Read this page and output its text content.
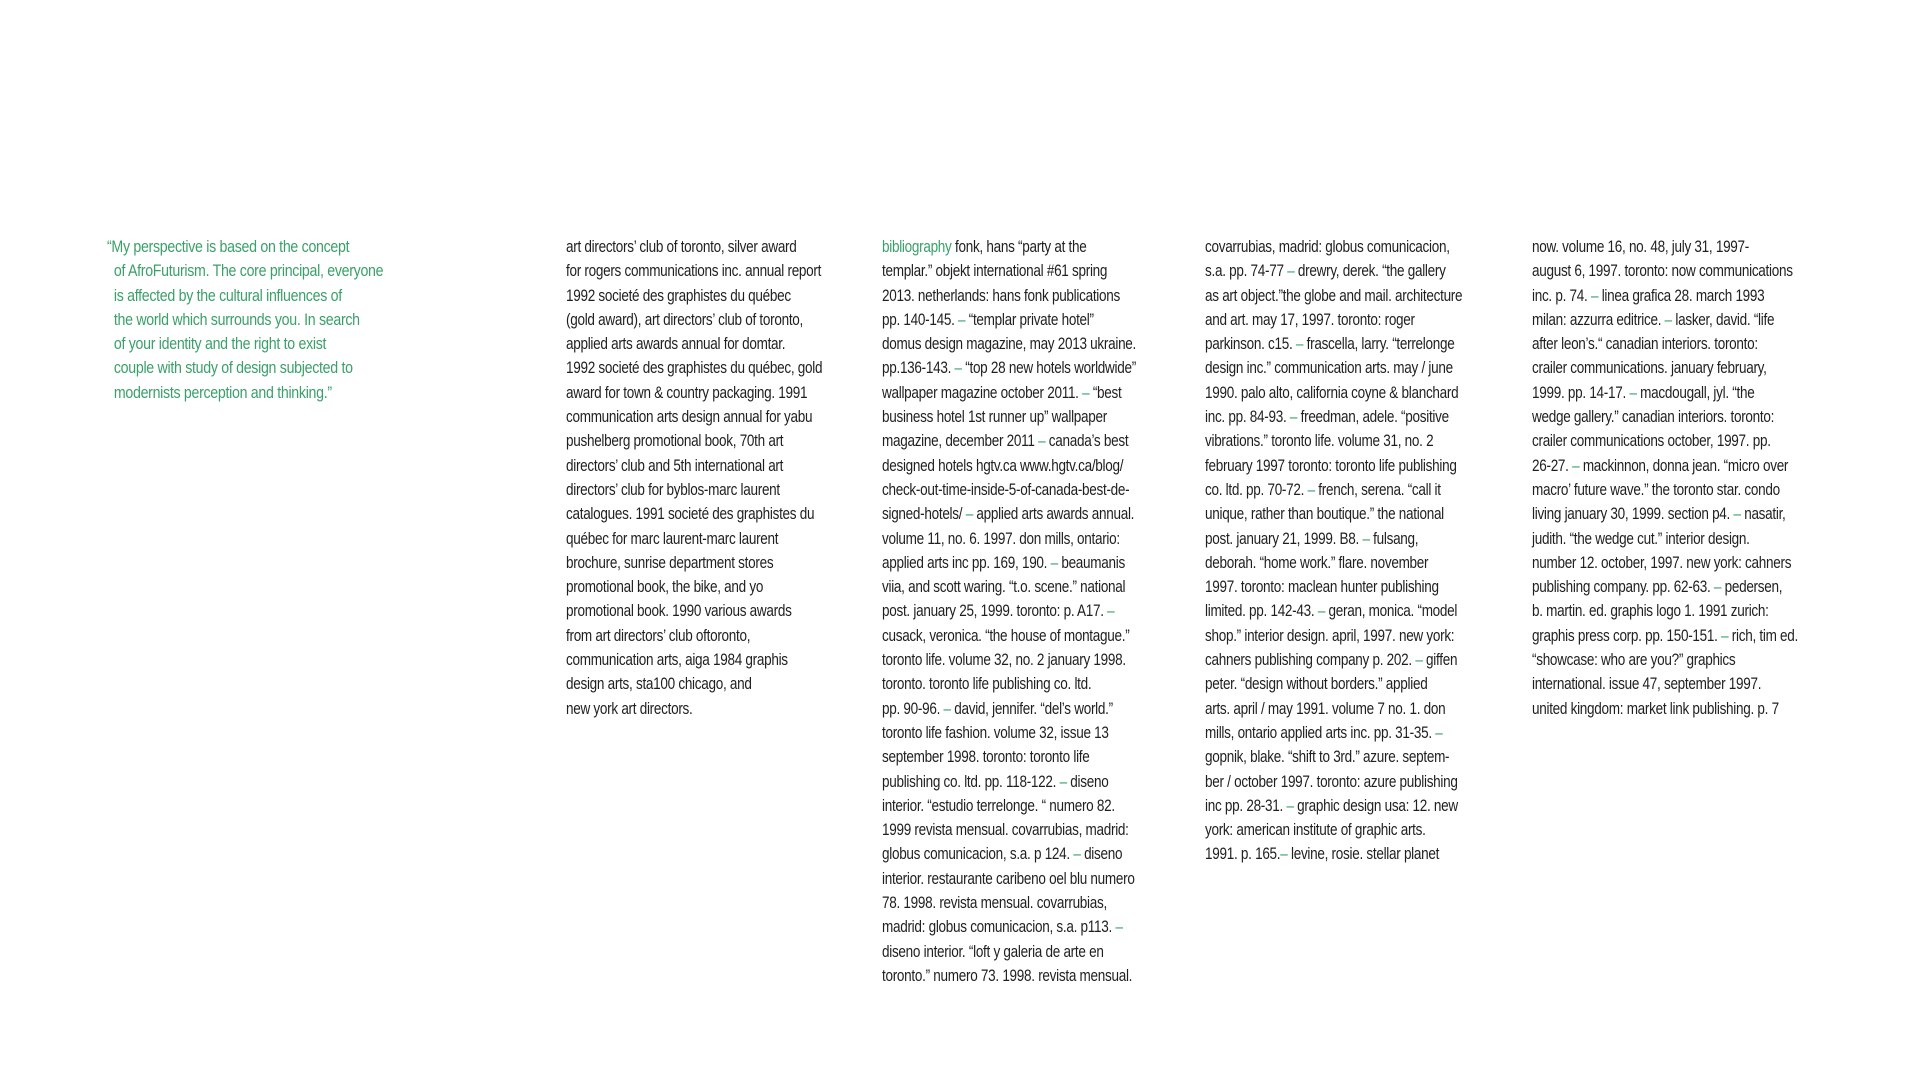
“My perspective is based on the concept
of AfroFuturism. The core principal, everyone
is affected by the cultural influences of
the world which surrounds you. In search
of your identity and the right to exist
couple with study of design subjected to
modernists perception and thinking.”
art directors’ club of toronto, silver award
for rogers communications inc. annual report
1992 societé des graphistes du québec
(gold award), art directors’ club of toronto,
applied arts awards annual for domtar.
1992 societé des graphistes du québec, gold
award for town & country packaging. 1991
communication arts design annual for yabu
pushelberg promotional book, 70th art
directors’ club and 5th international art
directors’ club for byblos-marc laurent
catalogues. 1991 societé des graphistes du
québec for marc laurent-marc laurent
brochure, sunrise department stores
promotional book, the bike, and yo
promotional book. 1990 various awards
from art directors’ club oftoronto,
communication arts, aiga 1984 graphis
design arts, sta100 chicago, and
new york art directors.
bibliography fonk, hans “party at the
templar.” objekt international #61 spring
2013. netherlands: hans fonk publications
pp. 140-145. – “templar private hotel”
domus design magazine, may 2013 ukraine.
pp.136-143. – “top 28 new hotels worldwide”
wallpaper magazine october 2011. – “best
business hotel 1st runner up” wallpaper
magazine, december 2011 – canada’s best
designed hotels hgtv.ca www.hgtv.ca/blog/
check-out-time-inside-5-of-canada-best-de-
signed-hotels/ – applied arts awards annual.
volume 11, no. 6. 1997. don mills, ontario:
applied arts inc pp. 169, 190. – beaumanis
viia, and scott waring. “t.o. scene.” national
post. january 25, 1999. toronto: p. A17. –
cusack, veronica. “the house of montague.”
toronto life. volume 32, no. 2 january 1998.
toronto. toronto life publishing co. ltd.
pp. 90-96. – david, jennifer. “del’s world.”
toronto life fashion. volume 32, issue 13
september 1998. toronto: toronto life
publishing co. ltd. pp. 118-122. – diseno
interior. “estudio terrelonge. “ numero 82.
1999 revista mensual. covarrubias, madrid:
globus comunicacion, s.a. p 124. – diseno
interior. restaurante caribeno oel blu numero
78. 1998. revista mensual. covarrubias,
madrid: globus comunicacion, s.a. p113. –
diseno interior. “loft y galeria de arte en
toronto.” numero 73. 1998. revista mensual.
covarrubias, madrid: globus comunicacion,
s.a. pp. 74-77 – drewry, derek. “the gallery
as art object.”the globe and mail. architecture
and art. may 17, 1997. toronto: roger
parkinson. c15. – frascella, larry. “terrelonge
design inc.” communication arts. may / june
1990. palo alto, california coyne & blanchard
inc. pp. 84-93. – freedman, adele. “positive
vibrations.” toronto life. volume 31, no. 2
february 1997 toronto: toronto life publishing
co. ltd. pp. 70-72. – french, serena. “call it
unique, rather than boutique.” the national
post. january 21, 1999. B8. – fulsang,
deborah. “home work.” flare. november
1997. toronto: maclean hunter publishing
limited. pp. 142-43. – geran, monica. “model
shop.” interior design. april, 1997. new york:
cahners publishing company p. 202. – giffen
peter. “design without borders.” applied
arts. april / may 1991. volume 7 no. 1. don
mills, ontario applied arts inc. pp. 31-35. –
gopnik, blake. “shift to 3rd.” azure. septem-
ber / october 1997. toronto: azure publishing
inc pp. 28-31. – graphic design usa: 12. new
york: american institute of graphic arts.
1991. p. 165.– levine, rosie. stellar planet
now. volume 16, no. 48, july 31, 1997-
august 6, 1997. toronto: now communications
inc. p. 74. – linea grafica 28. march 1993
milan: azzurra editrice. – lasker, david. “life
after leon’s.“ canadian interiors. toronto:
crailer communications. january february,
1999. pp. 14-17. – macdougall, jyl. “the
wedge gallery.” canadian interiors. toronto:
crailer communications october, 1997. pp.
26-27. – mackinnon, donna jean. “micro over
macro’ future wave.” the toronto star. condo
living january 30, 1999. section p4. – nasatir,
judith. “the wedge cut.” interior design.
number 12. october, 1997. new york: cahners
publishing company. pp. 62-63. – pedersen,
b. martin. ed. graphis logo 1. 1991 zurich:
graphis press corp. pp. 150-151. – rich, tim ed.
“showcase: who are you?” graphics
international. issue 47, september 1997.
united kingdom: market link publishing. p. 7
